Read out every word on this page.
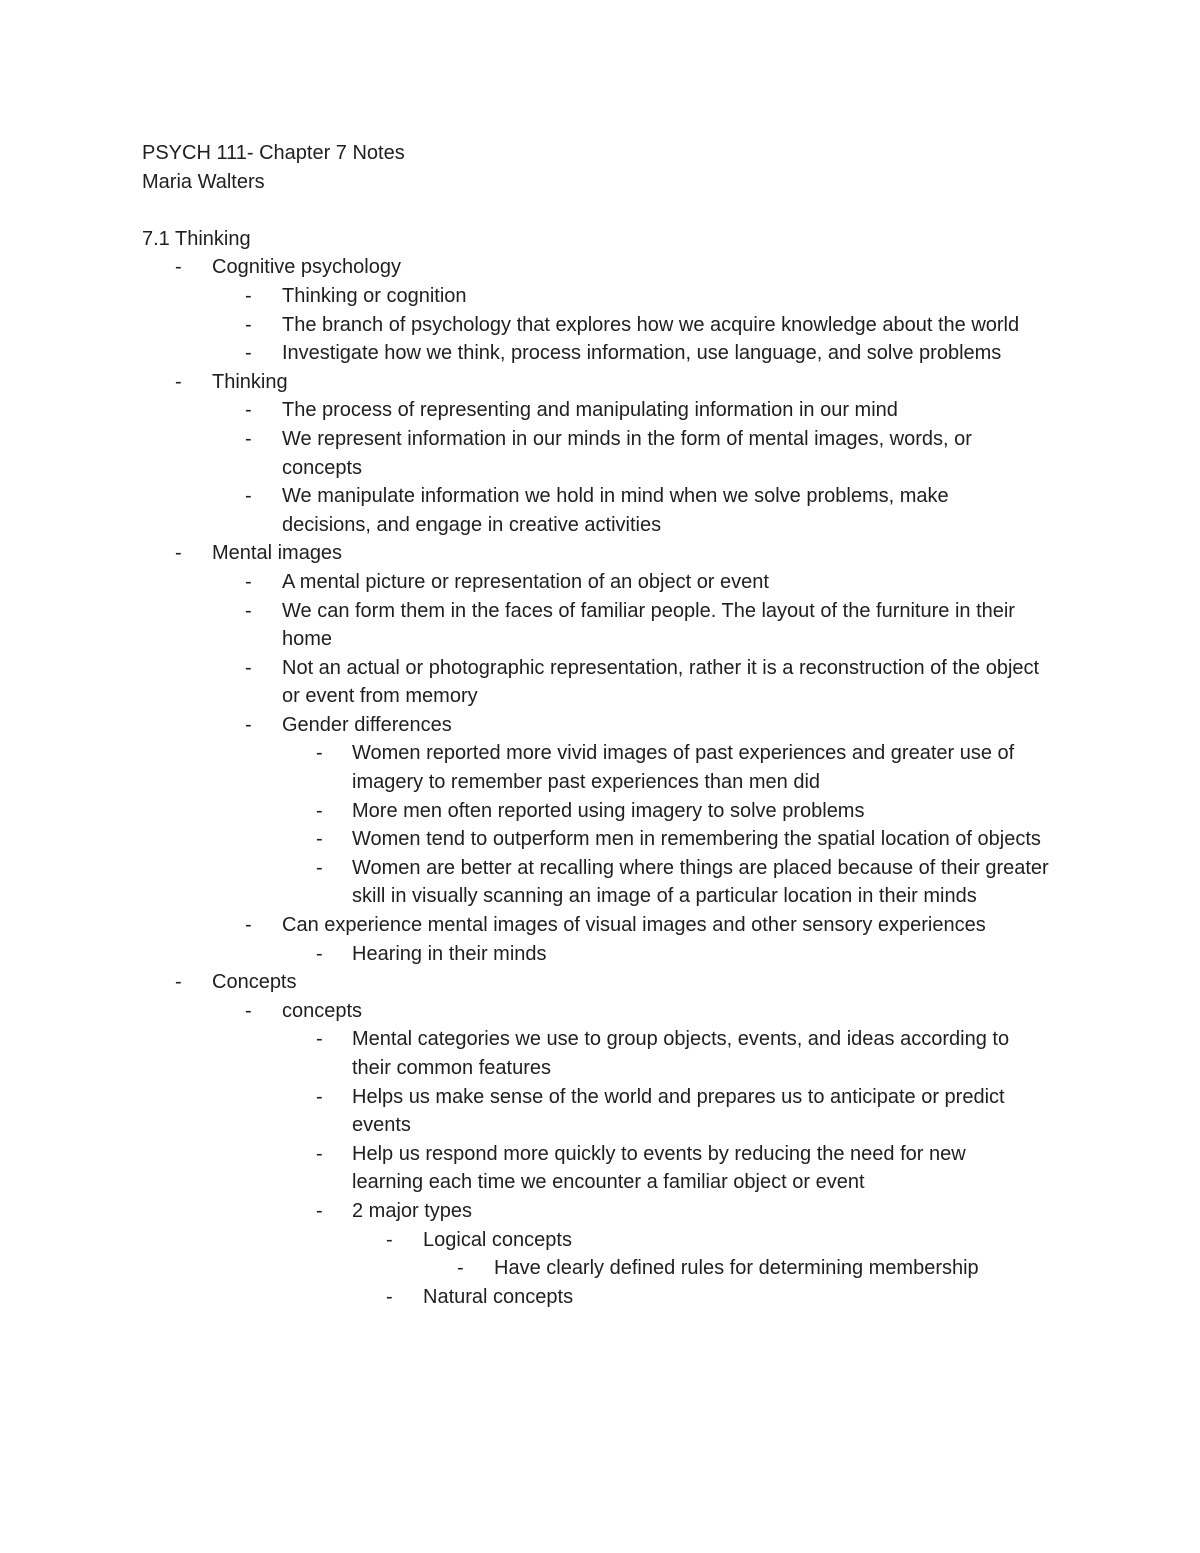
PSYCH 111- Chapter 7 Notes

Maria Walters

7.1 Thinking

-	Cognitive psychology
-	Thinking or cognition
-	The branch of psychology that explores how we acquire knowledge about the world
-	Investigate how we think, process information, use language, and solve problems
-	Thinking
-	The process of representing and manipulating information in our mind
-	We represent information in our minds in the form of mental images, words, or concepts
-	We manipulate information we hold in mind when we solve problems, make decisions, and engage in creative activities
-	Mental images
-	A mental picture or representation of an object or event
-	We can form them in the faces of familiar people. The layout of the furniture in their home
-	Not an actual or photographic representation, rather it is a reconstruction of the object or event from memory
-	Gender differences
-	Women reported more vivid images of past experiences and greater use of imagery to remember past experiences than men did
-	More men often reported using imagery to solve problems
-	Women tend to outperform men in remembering the spatial location of objects
-	Women are better at recalling where things are placed because of their greater skill in visually scanning an image of a particular location in their minds
-	Can experience mental images of visual images and other sensory experiences
-	Hearing in their minds
-	Concepts
-	concepts
-	Mental categories we use to group objects, events, and ideas according to their common features
-	Helps us make sense of the world and prepares us to anticipate or predict events
-	Help us respond more quickly to events by reducing the need for new learning each time we encounter a familiar object or event
-	2 major types
-	Logical concepts
-	Have clearly defined rules for determining membership
-	Natural concepts
